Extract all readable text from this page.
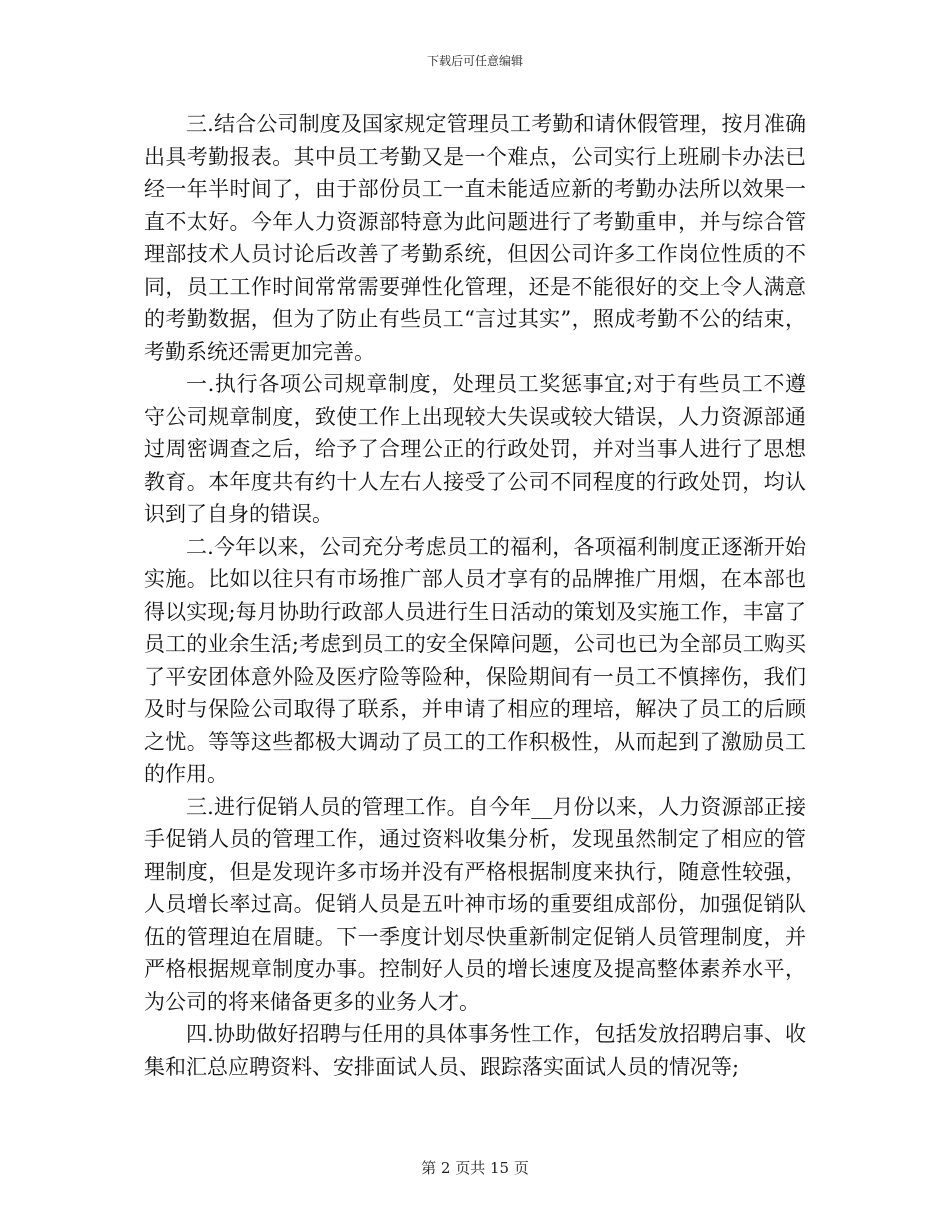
下载后可任意编辑

三.结合公司制度及国家规定管理员工考勤和请休假管理，按月准确出具考勤报表。其中员工考勤又是一个难点，公司实行上班刷卡办法已经一年半时间了，由于部份员工一直未能适应新的考勤办法所以效果一直不太好。今年人力资源部特意为此问题进行了考勤重申，并与综合管理部技术人员讨论后改善了考勤系统，但因公司许多工作岗位性质的不同，员工工作时间常常需要弹性化管理，还是不能很好的交上令人满意的考勤数据，但为了防止有些员工“言过其实”，照成考勤不公的结束，考勤系统还需更加完善。

一.执行各项公司规章制度，处理员工奖惩事宜;对于有些员工不遵守公司规章制度，致使工作上出现较大失误或较大错误，人力资源部通过周密调查之后，给予了合理公正的行政处罚，并对当事人进行了思想教育。本年度共有约十人左右人接受了公司不同程度的行政处罚，均认识到了自身的错误。

二.今年以来，公司充分考虑员工的福利，各项福利制度正逐渐开始实施。比如以往只有市场推广部人员才享有的品牌推广用烟，在本部也得以实现;每月协助行政部人员进行生日活动的策划及实施工作，丰富了员工的业余生活;考虑到员工的安全保障问题，公司也已为全部员工购买了平安团体意外险及医疗险等险种，保险期间有一员工不慎摔伤，我们及时与保险公司取得了联系，并申请了相应的理培，解决了员工的后顾之忧。等等这些都极大调动了员工的工作积极性，从而起到了激励员工的作用。

三.进行促销人员的管理工作。自今年__月份以来，人力资源部正接手促销人员的管理工作，通过资料收集分析，发现虽然制定了相应的管理制度，但是发现许多市场并没有严格根据制度来执行，随意性较强，人员增长率过高。促销人员是五叶神市场的重要组成部份，加强促销队伍的管理迫在眉睫。下一季度计划尽快重新制定促销人员管理制度，并严格根据规章制度办事。控制好人员的增长速度及提高整体素养水平，为公司的将来储备更多的业务人才。

四.协助做好招聘与任用的具体事务性工作，包括发放招聘启事、收集和汇总应聘资料、安排面试人员、跟踪落实面试人员的情况等;

第 2 页共 15 页
